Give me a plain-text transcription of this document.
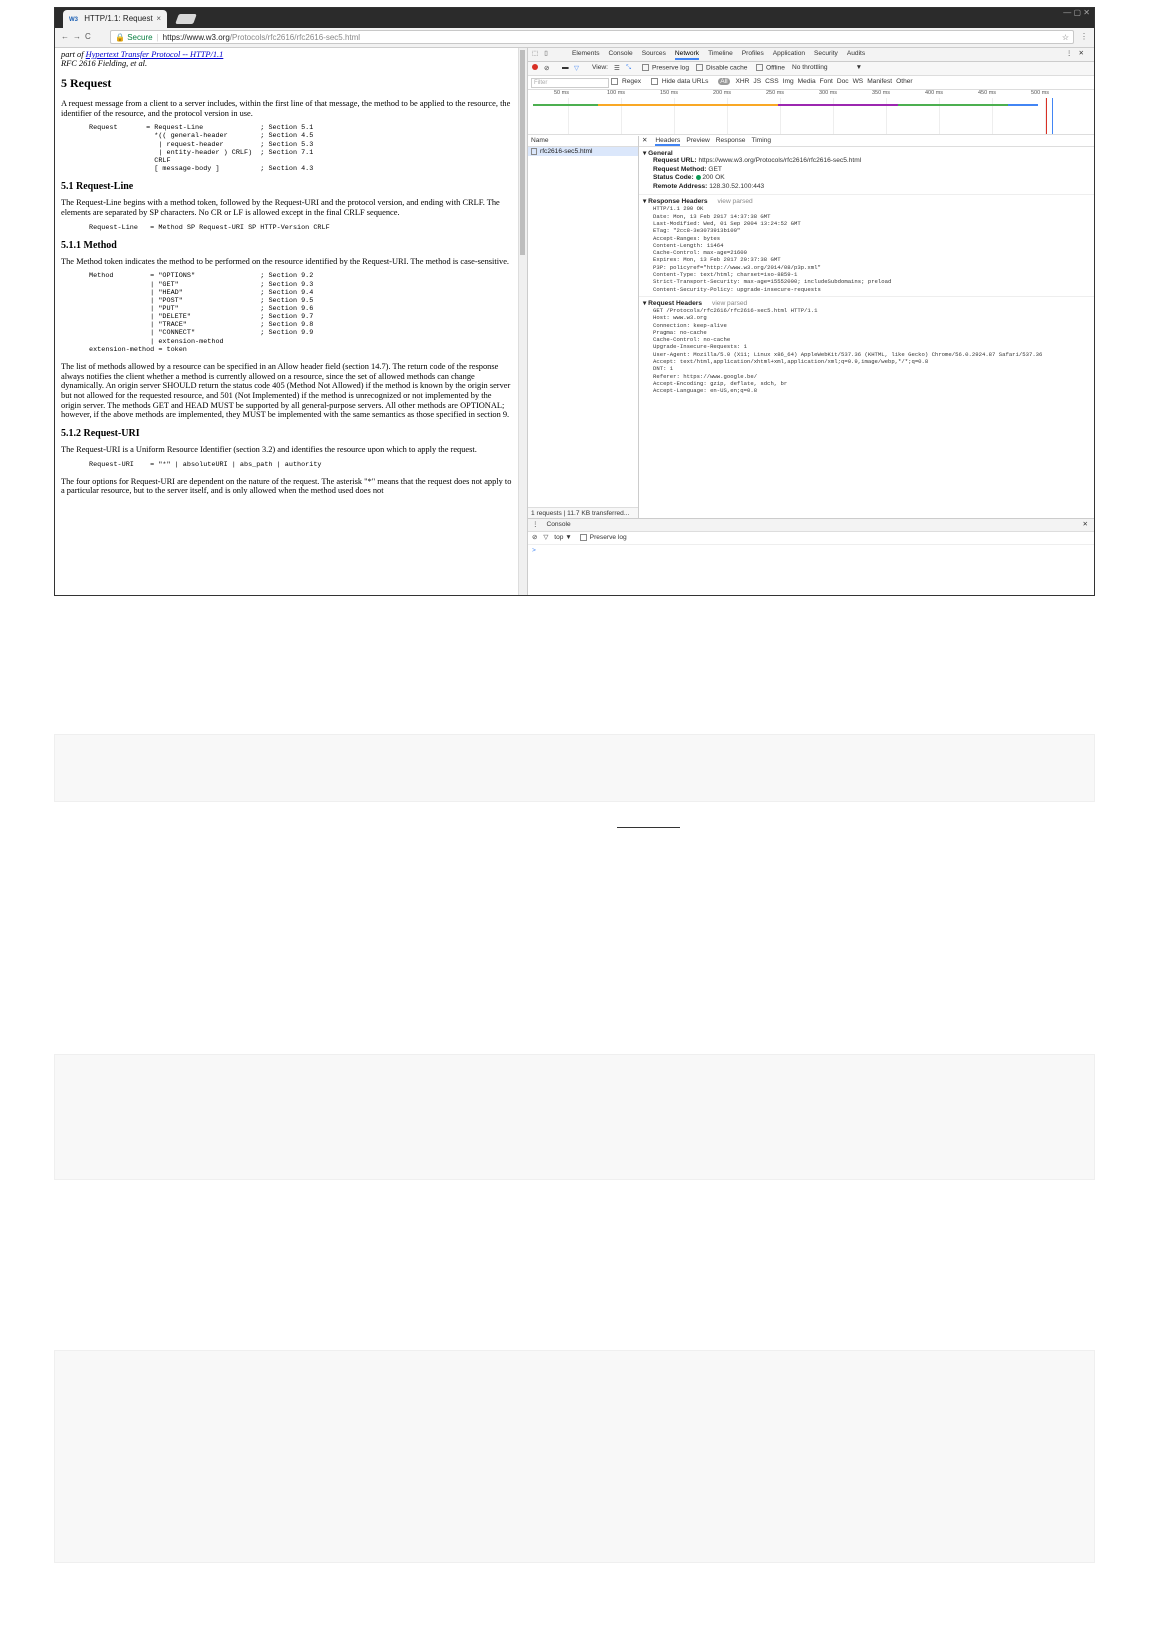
W3 HTTP/1.1: Request ×
— ▢ ✕
←→C	🔒 Secure | https://www.w3.org/Protocols/rfc2616/rfc2616-sec5.html	☆ ⋮
part of Hypertext Transfer Protocol -- HTTP/1.1
RFC 2616 Fielding, et al.
5 Request

A request message from a client to a server includes, within the first line of that message, the method to be applied to the resource, the identifier of the resource, and the protocol version in use.

Request       = Request-Line              ; Section 5.1
*(( general-header        ; Section 4.5
| request-header         ; Section 5.3
| entity-header ) CRLF)  ; Section 7.1
CRLF
[ message-body ]          ; Section 4.3
5.1 Request-Line

The Request-Line begins with a method token, followed by the Request-URI and the protocol version, and ending with CRLF. The elements are separated by SP characters. No CR or LF is allowed except in the final CRLF sequence.

Request-Line   = Method SP Request-URI SP HTTP-Version CRLF
5.1.1 Method

The Method token indicates the method to be performed on the resource identified by the Request-URI. The method is case-sensitive.

Method         = "OPTIONS"                ; Section 9.2
| "GET"                    ; Section 9.3
| "HEAD"                   ; Section 9.4
| "POST"                   ; Section 9.5
| "PUT"                    ; Section 9.6
| "DELETE"                 ; Section 9.7
| "TRACE"                  ; Section 9.8
| "CONNECT"                ; Section 9.9
| extension-method
extension-method = token

The list of methods allowed by a resource can be specified in an Allow header field (section 14.7). The return code of the response always notifies the client whether a method is currently allowed on a resource, since the set of allowed methods can change dynamically. An origin server SHOULD return the status code 405 (Method Not Allowed) if the method is known by the origin server but not allowed for the requested resource, and 501 (Not Implemented) if the method is unrecognized or not implemented by the origin server. The methods GET and HEAD MUST be supported by all general-purpose servers. All other methods are OPTIONAL; however, if the above methods are implemented, they MUST be implemented with the same semantics as those specified in section 9.

5.1.2 Request-URI

The Request-URI is a Uniform Resource Identifier (section 3.2) and identifies the resource upon which to apply the request.

Request-URI    = "*" | absoluteURI | abs_path | authority

The four options for Request-URI are dependent on the nature of the request. The asterisk "*" means that the request does not apply to a particular resource, but to the server itself, and is only allowed when the method used does not

⬚▯	Elements Console Sources Network Timeline Profiles Application Security Audits	⋮✕
⊘ ▬ ▽ View: ☰ ⤡	Preserve log	Disable cache	Offline No throttling	▼
Filter	Regex	Hide data URLs All XHR JS CSS Img Media Font Doc WS Manifest Other
50 ms	100 ms	150 ms	200 ms	250 ms	300 ms	350 ms	400 ms	450 ms	500 ms
Name
rfc2616-sec5.html
1 requests | 11.7 KB transferred...
✕ Headers Preview Response Timing
▾ General
Request URL: https://www.w3.org/Protocols/rfc2616/rfc2616-sec5.html
Request Method: GET
Status Code:  200 OK
Remote Address: 128.30.52.100:443
▾ Response Headers view parsed
HTTP/1.1 200 OK
Date: Mon, 13 Feb 2017 14:37:38 GMT
Last-Modified: Wed, 01 Sep 2004 13:24:52 GMT
ETag: "2cc8-3e3073913b100"
Accept-Ranges: bytes
Content-Length: 11464
Cache-Control: max-age=21600
Expires: Mon, 13 Feb 2017 20:37:38 GMT
P3P: policyref="http://www.w3.org/2014/08/p3p.xml"
Content-Type: text/html; charset=iso-8859-1
Strict-Transport-Security: max-age=15552000; includeSubdomains; preload
Content-Security-Policy: upgrade-insecure-requests
▾ Request Headers view parsed
GET /Protocols/rfc2616/rfc2616-sec5.html HTTP/1.1
Host: www.w3.org
Connection: keep-alive
Pragma: no-cache
Cache-Control: no-cache
Upgrade-Insecure-Requests: 1
User-Agent: Mozilla/5.0 (X11; Linux x86_64) AppleWebKit/537.36 (KHTML, like Gecko) Chrome/56.0.2924.87 Safari/537.36
Accept: text/html,application/xhtml+xml,application/xml;q=0.9,image/webp,*/*;q=0.8
DNT: 1
Referer: https://www.google.be/
Accept-Encoding: gzip, deflate, sdch, br
Accept-Language: en-US,en;q=0.8
⋮ Console	✕
⊘ ▽ top ▼	Preserve log
>
